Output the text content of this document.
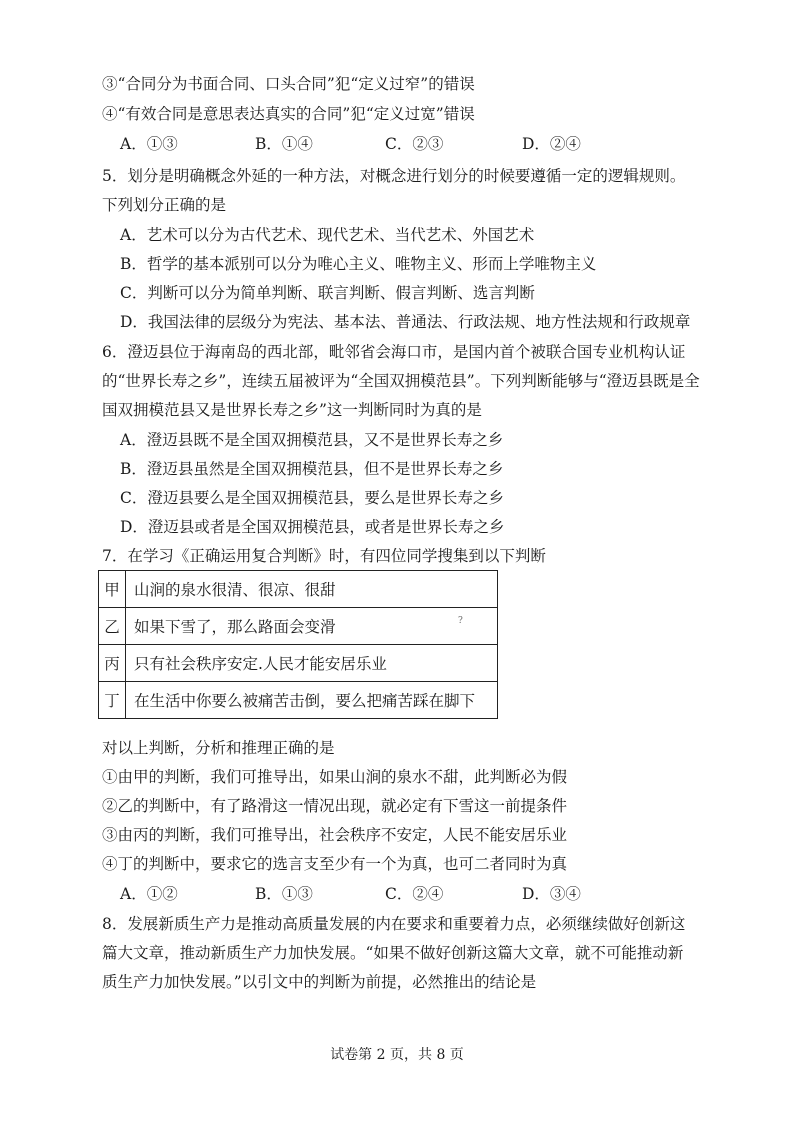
③“合同分为书面合同、口头合同”犯“定义过窄”的错误
④“有效合同是意思表达真实的合同”犯“定义过宽”错误
A．①③	B．①④	C．②③	D．②④
5．划分是明确概念外延的一种方法，对概念进行划分的时候要遵循一定的逻辑规则。
下列划分正确的是
A．艺术可以分为古代艺术、现代艺术、当代艺术、外国艺术
B．哲学的基本派别可以分为唯心主义、唯物主义、形而上学唯物主义
C．判断可以分为简单判断、联言判断、假言判断、选言判断
D．我国法律的层级分为宪法、基本法、普通法、行政法规、地方性法规和行政规章
6．澄迈县位于海南岛的西北部，毗邻省会海口市，是国内首个被联合国专业机构认证
的“世界长寿之乡”，连续五届被评为“全国双拥模范县”。下列判断能够与“澄迈县既是全
国双拥模范县又是世界长寿之乡”这一判断同时为真的是
A．澄迈县既不是全国双拥模范县，又不是世界长寿之乡
B．澄迈县虽然是全国双拥模范县，但不是世界长寿之乡
C．澄迈县要么是全国双拥模范县，要么是世界长寿之乡
D．澄迈县或者是全国双拥模范县，或者是世界长寿之乡
7．在学习《正确运用复合判断》时，有四位同学搜集到以下判断
甲	山涧的泉水很清、很凉、很甜
乙	如果下雪了，那么路面会变滑
丙	只有社会秩序安定.人民才能安居乐业
丁	在生活中你要么被痛苦击倒，要么把痛苦踩在脚下
?
对以上判断，分析和推理正确的是
①由甲的判断，我们可推导出，如果山涧的泉水不甜，此判断必为假
②乙的判断中，有了路滑这一情况出现，就必定有下雪这一前提条件
③由丙的判断，我们可推导出，社会秩序不安定，人民不能安居乐业
④丁的判断中，要求它的选言支至少有一个为真，也可二者同时为真
A．①②	B．①③	C．②④	D．③④
8．发展新质生产力是推动高质量发展的内在要求和重要着力点，必须继续做好创新这
篇大文章，推动新质生产力加快发展。“如果不做好创新这篇大文章，就不可能推动新
质生产力加快发展。”以引文中的判断为前提，必然推出的结论是
试卷第 2 页，共 8 页
